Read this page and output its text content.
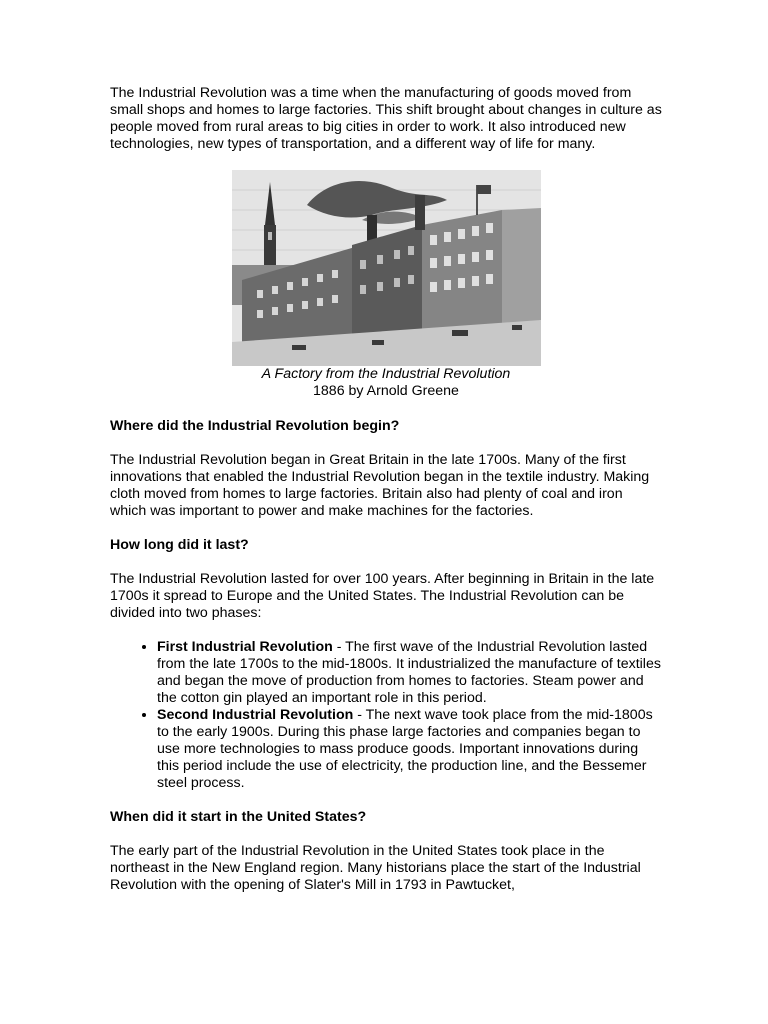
The Industrial Revolution was a time when the manufacturing of goods moved from small shops and homes to large factories. This shift brought about changes in culture as people moved from rural areas to big cities in order to work. It also introduced new technologies, new types of transportation, and a different way of life for many.

A Factory from the Industrial Revolution
1886 by Arnold Greene

Where did the Industrial Revolution begin?

The Industrial Revolution began in Great Britain in the late 1700s. Many of the first innovations that enabled the Industrial Revolution began in the textile industry. Making cloth moved from homes to large factories. Britain also had plenty of coal and iron which was important to power and make machines for the factories.

How long did it last?

The Industrial Revolution lasted for over 100 years. After beginning in Britain in the late 1700s it spread to Europe and the United States. The Industrial Revolution can be divided into two phases:

• First Industrial Revolution - The first wave of the Industrial Revolution lasted from the late 1700s to the mid-1800s. It industrialized the manufacture of textiles and began the move of production from homes to factories. Steam power and the cotton gin played an important role in this period.
• Second Industrial Revolution - The next wave took place from the mid-1800s to the early 1900s. During this phase large factories and companies began to use more technologies to mass produce goods. Important innovations during this period include the use of electricity, the production line, and the Bessemer steel process.

When did it start in the United States?

The early part of the Industrial Revolution in the United States took place in the northeast in the New England region. Many historians place the start of the Industrial Revolution with the opening of Slater's Mill in 1793 in Pawtucket,
